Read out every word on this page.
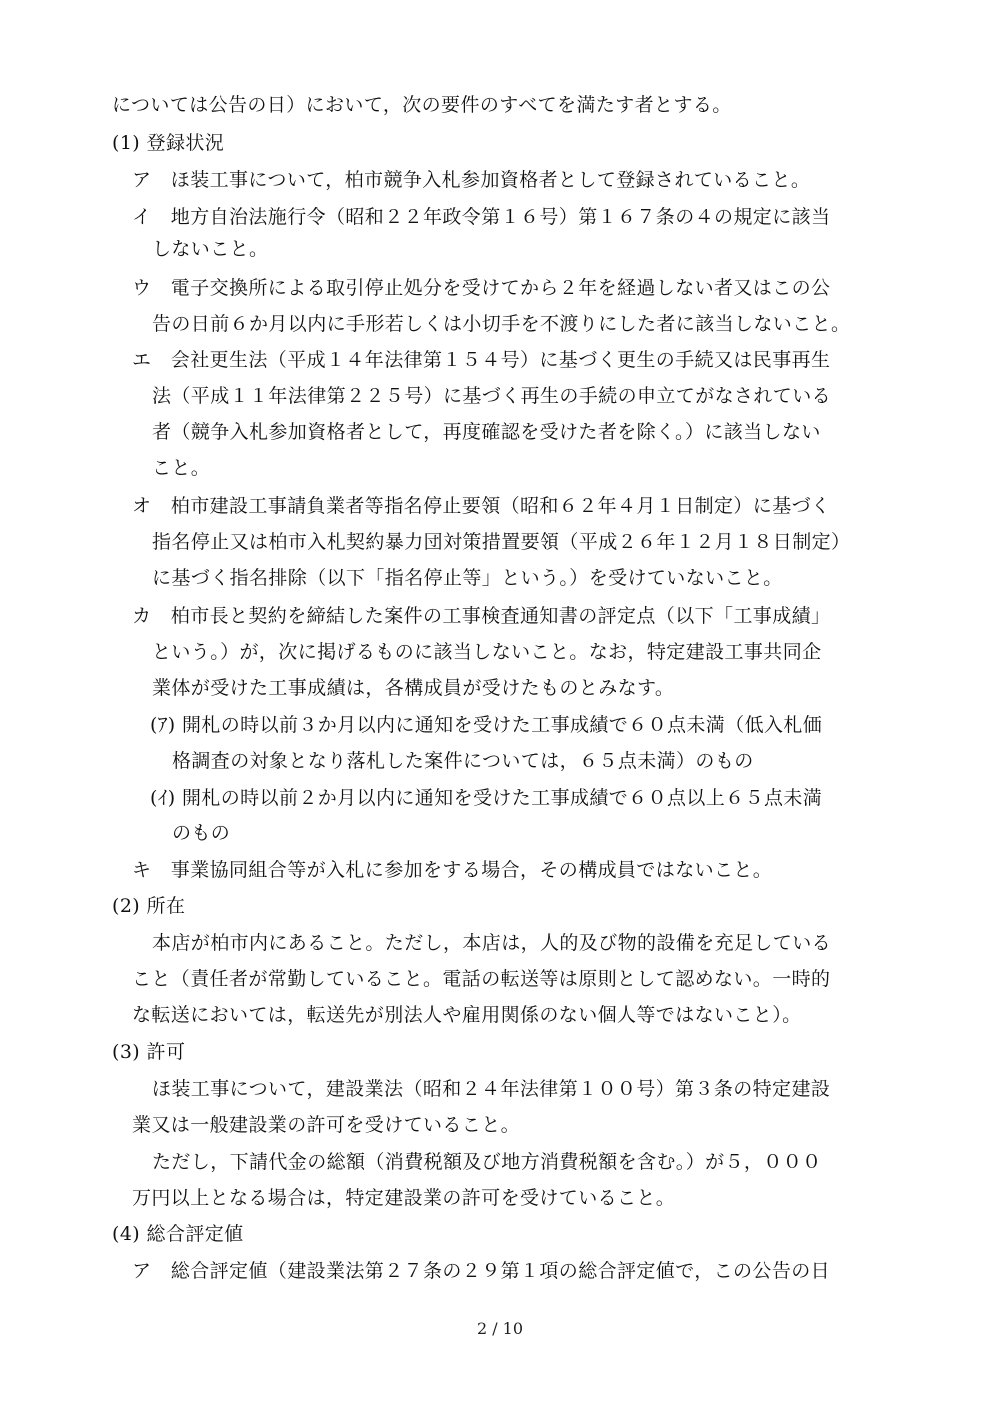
については公告の日）において，次の要件のすべてを満たす者とする。
(1) 登録状況
ア　ほ装工事について，柏市競争入札参加資格者として登録されていること。
イ　地方自治法施行令（昭和２２年政令第１６号）第１６７条の４の規定に該当
しないこと。
ウ　電子交換所による取引停止処分を受けてから２年を経過しない者又はこの公
告の日前６か月以内に手形若しくは小切手を不渡りにした者に該当しないこと。
エ　会社更生法（平成１４年法律第１５４号）に基づく更生の手続又は民事再生
法（平成１１年法律第２２５号）に基づく再生の手続の申立てがなされている
者（競争入札参加資格者として，再度確認を受けた者を除く。）に該当しない
こと。
オ　柏市建設工事請負業者等指名停止要領（昭和６２年４月１日制定）に基づく
指名停止又は柏市入札契約暴力団対策措置要領（平成２６年１２月１８日制定）
に基づく指名排除（以下「指名停止等」という。）を受けていないこと。
カ　柏市長と契約を締結した案件の工事検査通知書の評定点（以下「工事成績」
という。）が，次に掲げるものに該当しないこと。なお，特定建設工事共同企
業体が受けた工事成績は，各構成員が受けたものとみなす。
(ｱ) 開札の時以前３か月以内に通知を受けた工事成績で６０点未満（低入札価
格調査の対象となり落札した案件については，６５点未満）のもの
(ｲ) 開札の時以前２か月以内に通知を受けた工事成績で６０点以上６５点未満
のもの
キ　事業協同組合等が入札に参加をする場合，その構成員ではないこと。
(2) 所在
本店が柏市内にあること。ただし，本店は，人的及び物的設備を充足している
こと（責任者が常勤していること。電話の転送等は原則として認めない。一時的
な転送においては，転送先が別法人や雇用関係のない個人等ではないこと）。
(3) 許可
ほ装工事について，建設業法（昭和２４年法律第１００号）第３条の特定建設
業又は一般建設業の許可を受けていること。
ただし，下請代金の総額（消費税額及び地方消費税額を含む。）が５，０００
万円以上となる場合は，特定建設業の許可を受けていること。
(4) 総合評定値
ア　総合評定値（建設業法第２７条の２９第１項の総合評定値で，この公告の日
2 / 10
